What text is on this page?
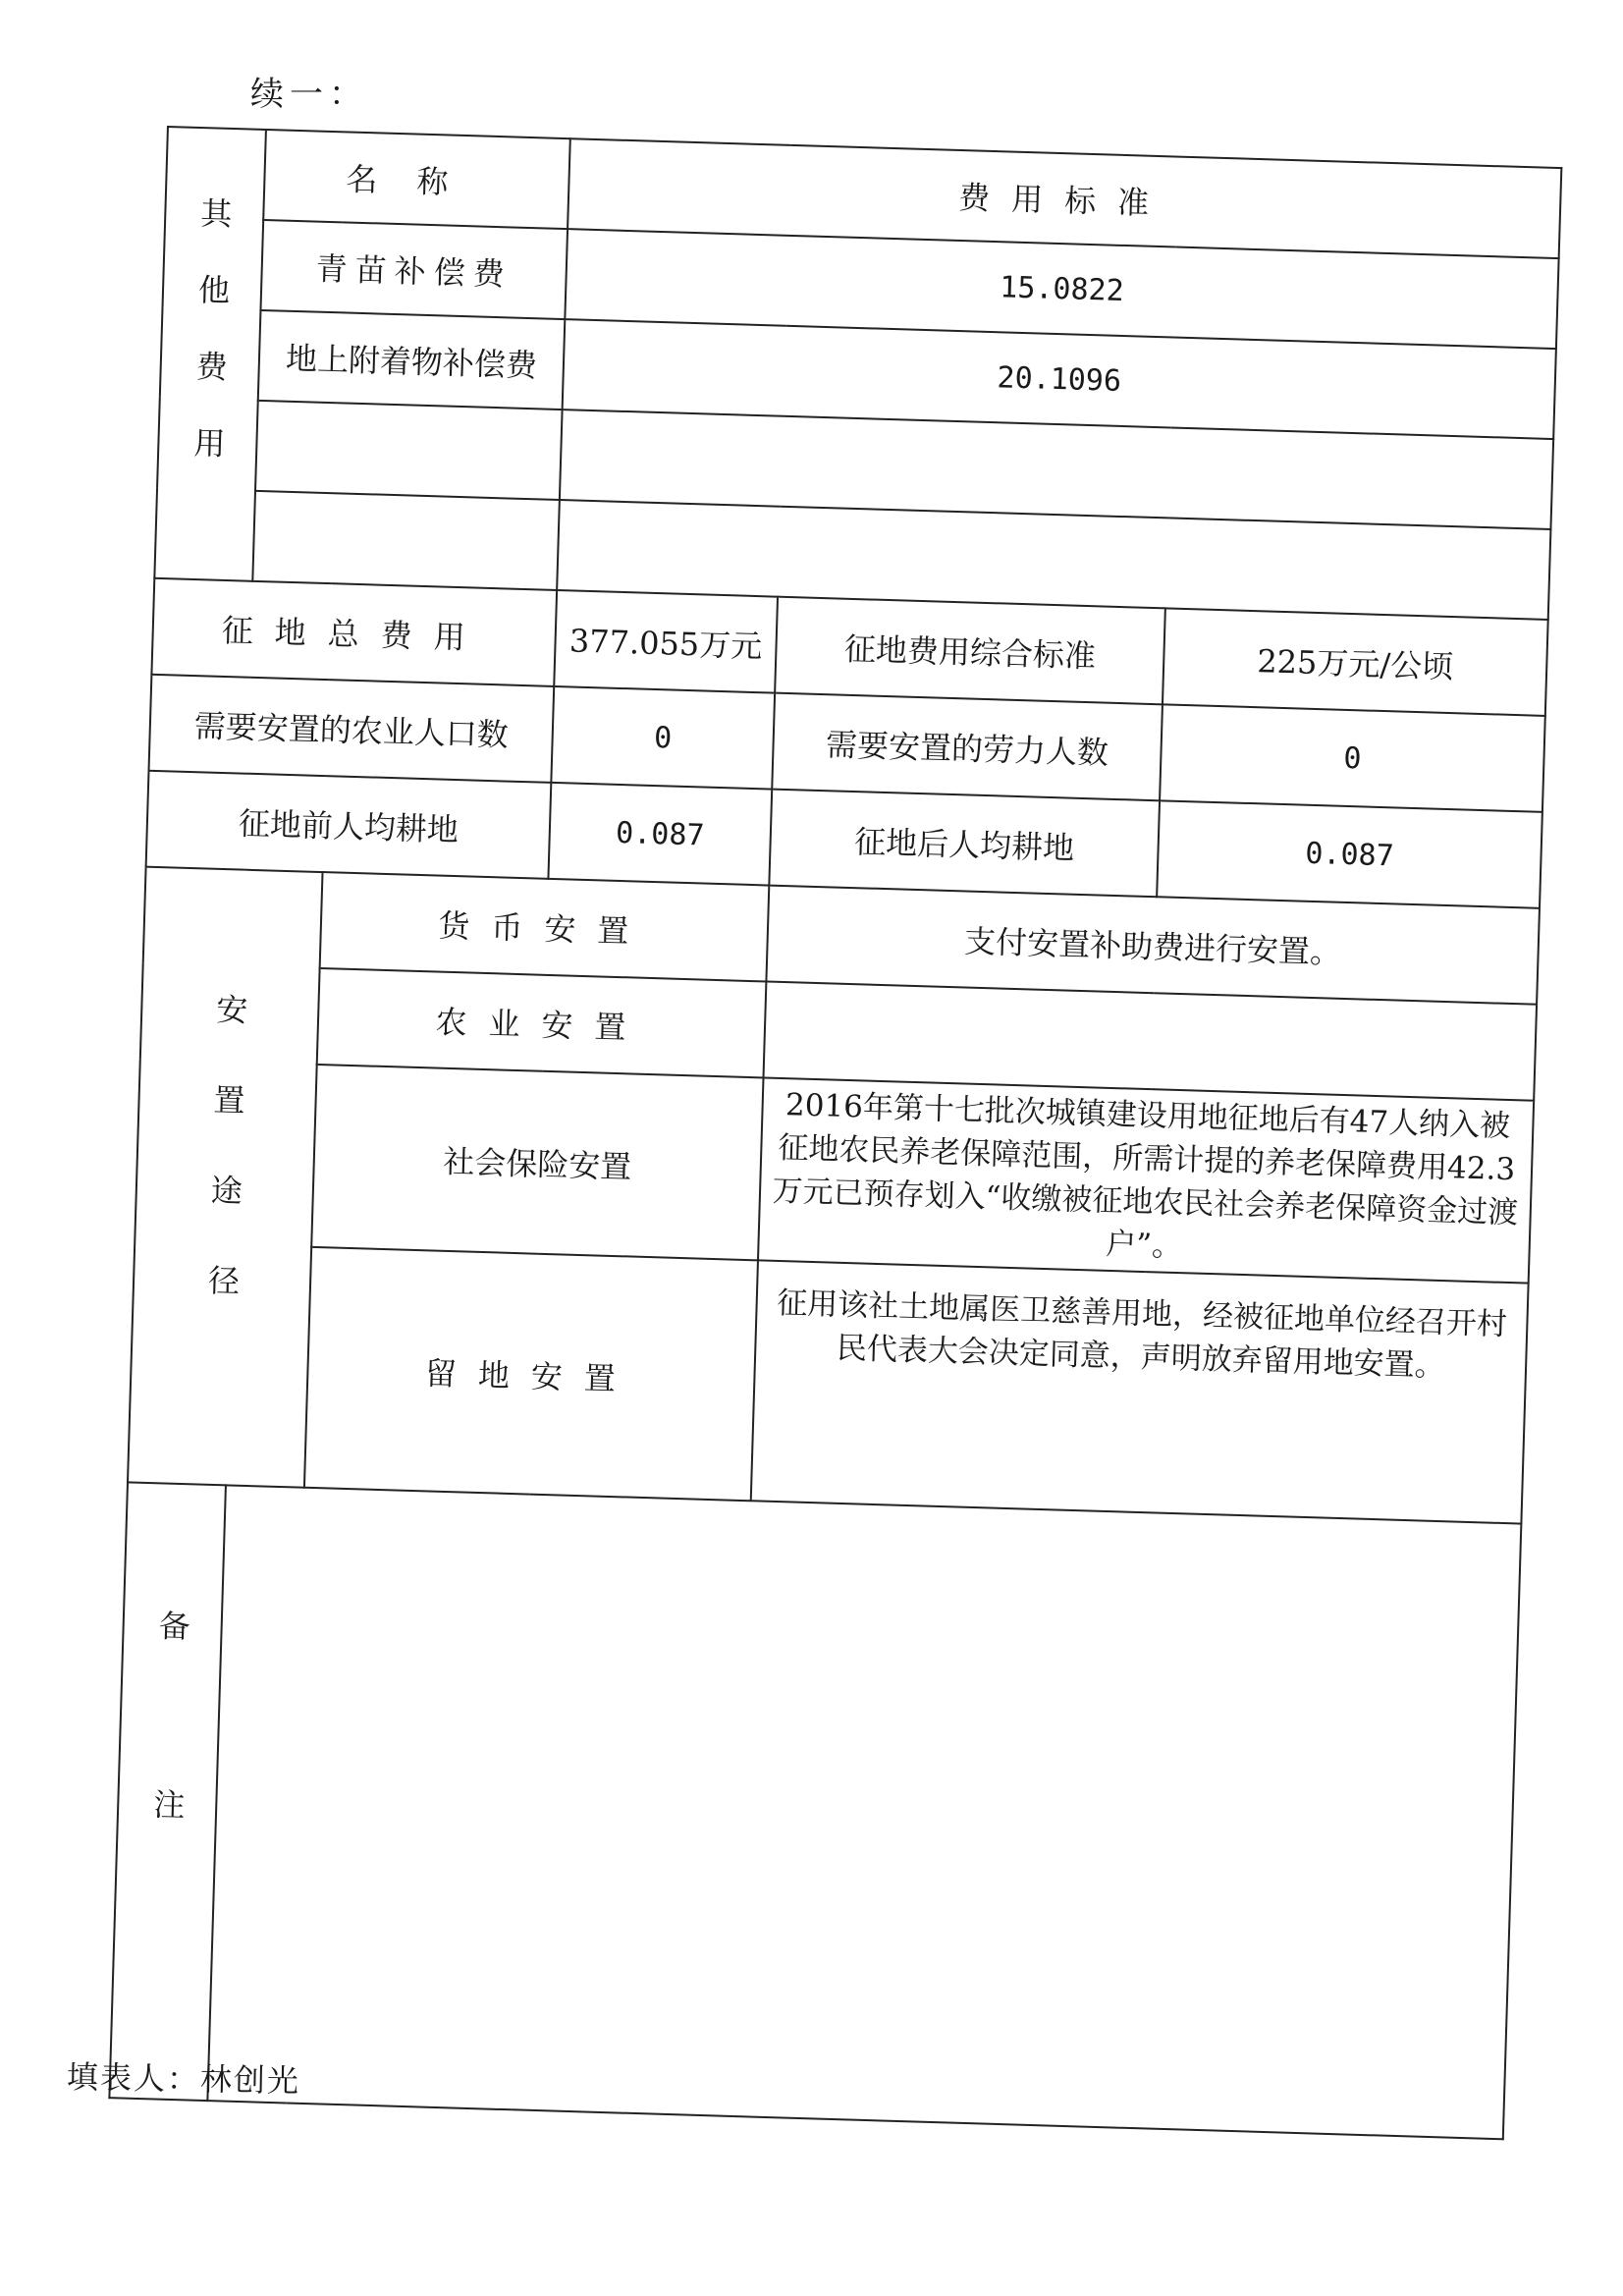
续一：
其他费用	名称		费用标准		
	青苗补偿费		15.0822		
	地上附着物补偿费		20.1096		

征地总费用			377.055万元	征地费用综合标准	225万元/公顷
需要安置的农业人口数			0	需要安置的劳力人数	0
征地前人均耕地			0.087	征地后人均耕地	0.087
安置途径		货币安置		支付安置补助费进行安置。	
		农业安置			
		社会保险安置		2016年第十七批次城镇建设用地征地后有47人纳入被征地农民养老保障范围，所需计提的养老保障费用42.3万元已预存划入“收缴被征地农民社会养老保障资金过渡户”。	
		留地安置		征用该社土地属医卫慈善用地，经被征地单位经召开村民代表大会决定同意，声明放弃留用地安置。	
备注					
填表人：林创光
